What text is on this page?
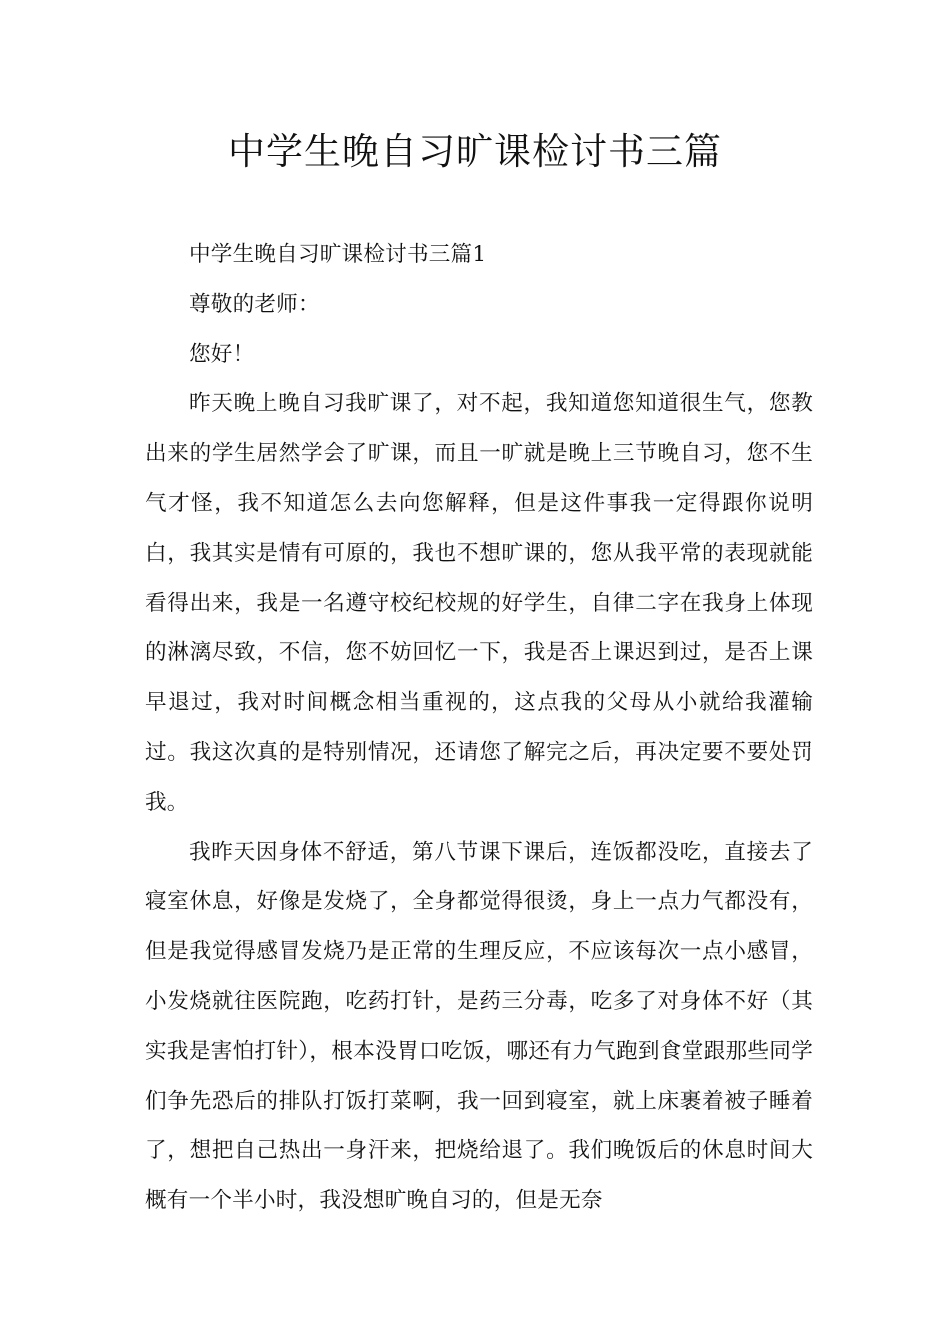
中学生晚自习旷课检讨书三篇

中学生晚自习旷课检讨书三篇1

尊敬的老师：

您好！

昨天晚上晚自习我旷课了，对不起，我知道您知道很生气，您教出来的学生居然学会了旷课，而且一旷就是晚上三节晚自习，您不生气才怪，我不知道怎么去向您解释，但是这件事我一定得跟你说明白，我其实是情有可原的，我也不想旷课的，您从我平常的表现就能看得出来，我是一名遵守校纪校规的好学生，自律二字在我身上体现的淋漓尽致，不信，您不妨回忆一下，我是否上课迟到过，是否上课早退过，我对时间概念相当重视的，这点我的父母从小就给我灌输过。我这次真的是特别情况，还请您了解完之后，再决定要不要处罚我。

我昨天因身体不舒适，第八节课下课后，连饭都没吃，直接去了寝室休息，好像是发烧了，全身都觉得很烫，身上一点力气都没有，但是我觉得感冒发烧乃是正常的生理反应，不应该每次一点小感冒，小发烧就往医院跑，吃药打针，是药三分毒，吃多了对身体不好（其实我是害怕打针），根本没胃口吃饭，哪还有力气跑到食堂跟那些同学们争先恐后的排队打饭打菜啊，我一回到寝室，就上床裹着被子睡着了，想把自己热出一身汗来，把烧给退了。我们晚饭后的休息时间大概有一个半小时，我没想旷晚自习的，但是无奈
